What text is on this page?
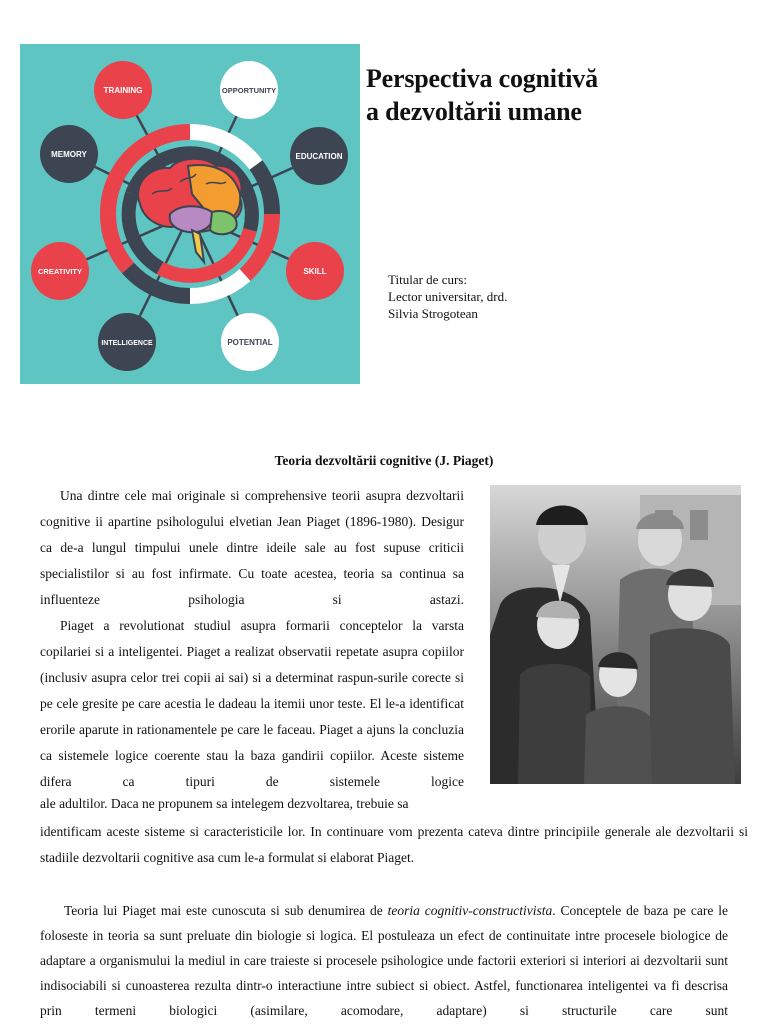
TRAINING	OPPORTUNITY
MEMORY	EDUCATION
CREATIVITY	SKILL
INTELLIGENCE	POTENTIAL
Perspectiva cognitivă
a dezvoltării umane
Titular de curs:
Lector universitar, drd.
Silvia Strogotean
Teoria dezvoltării cognitive (J. Piaget)

Una dintre cele mai originale si comprehensive teorii asupra dezvoltarii cognitive ii apartine psihologului elvetian Jean Piaget (1896-1980). Desigur ca de-a lungul timpului unele dintre ideile sale au fost supuse criticii specialistilor si au fost infirmate. Cu toate acestea, teoria sa continua sa influenteze psihologia si astazi.

Piaget a revolutionat studiul asupra formarii conceptelor la varsta copilariei si a inteligentei. Piaget a realizat observatii repetate asupra copiilor (inclusiv asupra celor trei copii ai sai) si a determinat raspun-surile corecte si pe cele gresite pe care acestia le dadeau la itemii unor teste. El le-a identificat erorile aparute in rationamentele pe care le faceau. Piaget a ajuns la concluzia ca sistemele logice coerente stau la baza gandirii copiilor. Aceste sisteme difera ca tipuri de sistemele logice

ale adultilor. Daca ne propunem sa intelegem dezvoltarea, trebuie sa

identificam aceste sisteme si caracteristicile lor. In continuare vom prezenta cateva dintre principiile generale ale dezvoltarii si stadiile dezvoltarii cognitive asa cum le-a formulat si elaborat Piaget.

Teoria lui Piaget mai este cunoscuta si sub denumirea de teoria cognitiv-constructivista. Conceptele de baza pe care le foloseste in teoria sa sunt preluate din biologie si logica. El postuleaza un efect de continuitate intre procesele biologice de adaptare a organismului la mediul in care traieste si procesele psihologice unde factorii exteriori si interiori ai dezvoltarii sunt indisociabili si cunoasterea rezulta dintr-o interactiune intre subiect si obiect. Astfel, functionarea inteligentei va fi descrisa prin termeni biologici (asimilare, acomodare, adaptare) si structurile care sunt
